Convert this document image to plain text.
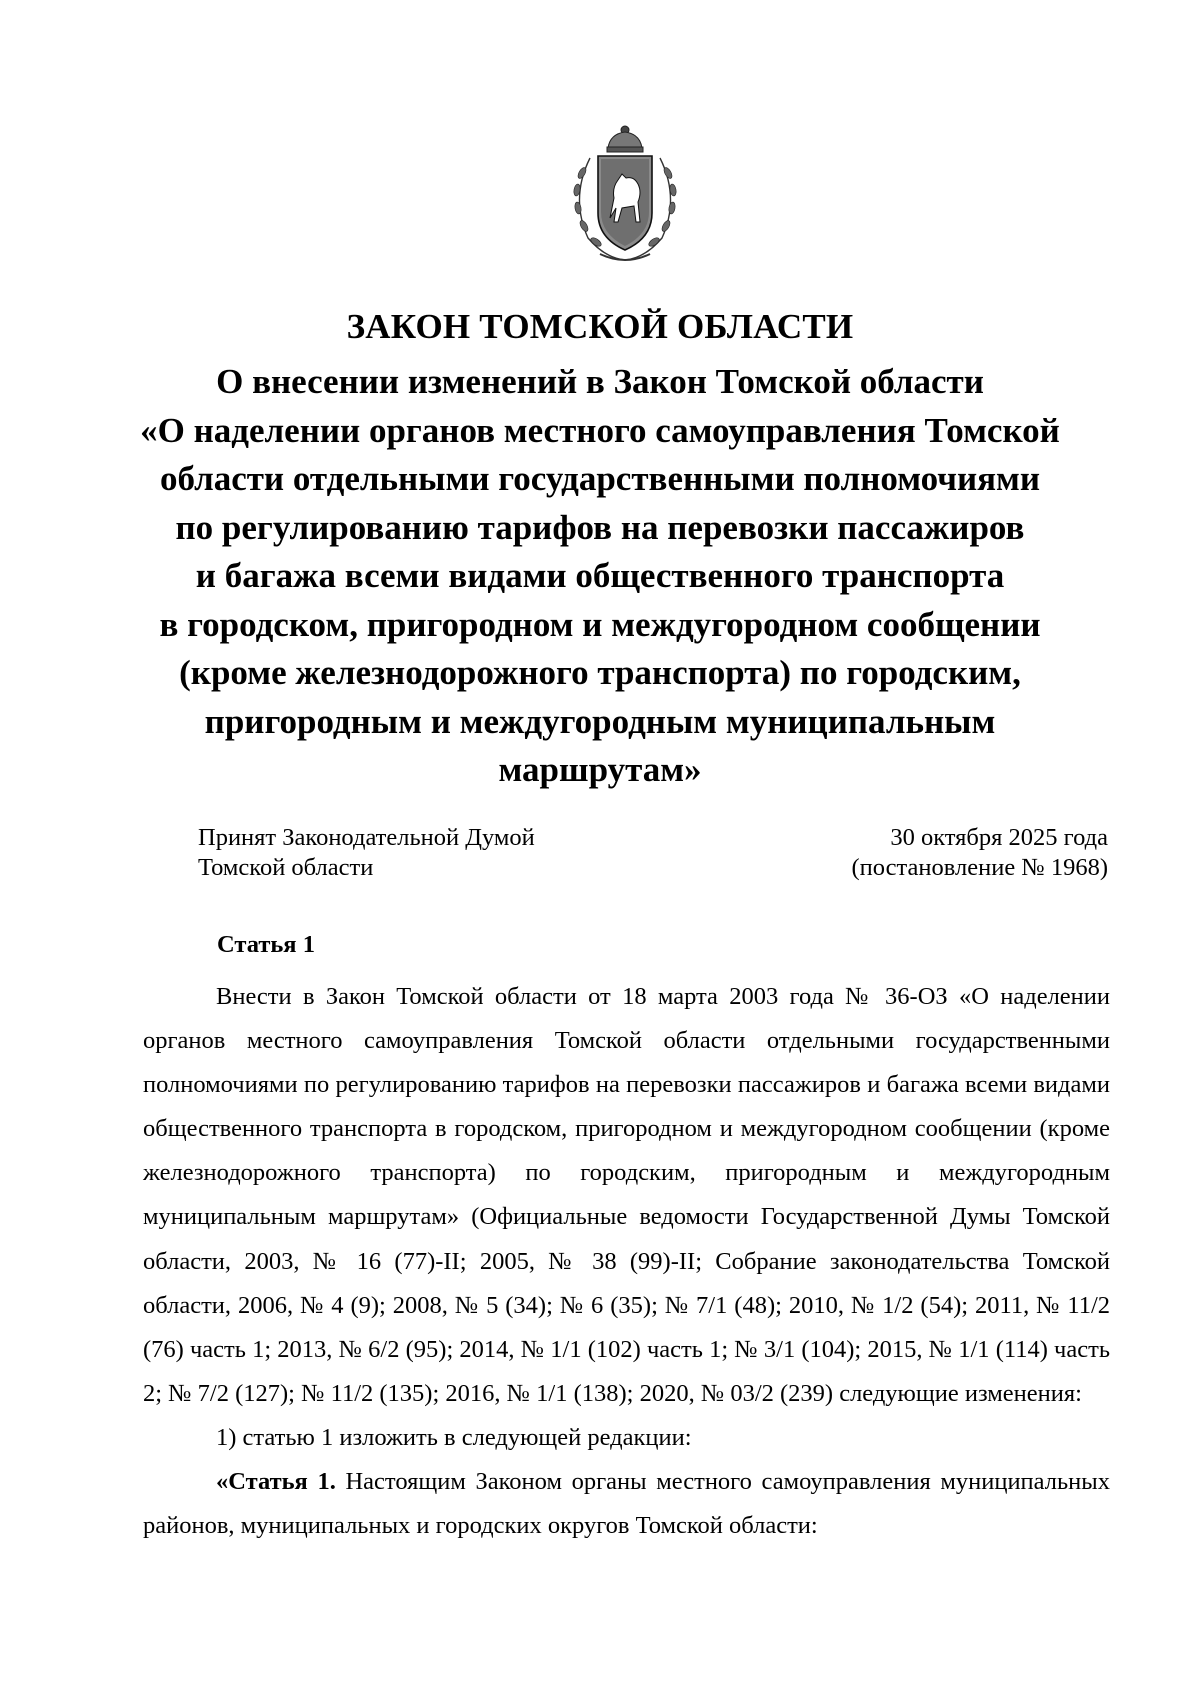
ЗАКОН ТОМСКОЙ ОБЛАСТИ
О внесении изменений в Закон Томской области
«О наделении органов местного самоуправления Томской
области отдельными государственными полномочиями
по регулированию тарифов на перевозки пассажиров
и багажа всеми видами общественного транспорта
в городском, пригородном и междугородном сообщении
(кроме железнодорожного транспорта) по городским,
пригородным и междугородным муниципальным
маршрутам»
Принят Законодательной Думой
Томской области
30 октября 2025 года
(постановление № 1968)
Статья 1

Внести в Закон Томской области от 18 марта 2003 года № 36-ОЗ «О наделении органов местного самоуправления Томской области отдельными государственными полномочиями по регулированию тарифов на перевозки пассажиров и багажа всеми видами общественного транспорта в городском, пригородном и междугородном сообщении (кроме железнодорожного транспорта) по городским, пригородным и междугородным муниципальным маршрутам» (Официальные ведомости Государственной Думы Томской области, 2003, № 16 (77)-II; 2005, № 38 (99)-II; Собрание законодательства Томской области, 2006, № 4 (9); 2008, № 5 (34); № 6 (35); № 7/1 (48); 2010, № 1/2 (54); 2011, № 11/2 (76) часть 1; 2013, № 6/2 (95); 2014, № 1/1 (102) часть 1; № 3/1 (104); 2015, № 1/1 (114) часть 2; № 7/2 (127); № 11/2 (135); 2016, № 1/1 (138); 2020, № 03/2 (239) следующие изменения:

1) статью 1 изложить в следующей редакции:

«Статья 1. Настоящим Законом органы местного самоуправления муниципальных районов, муниципальных и городских округов Томской области:
